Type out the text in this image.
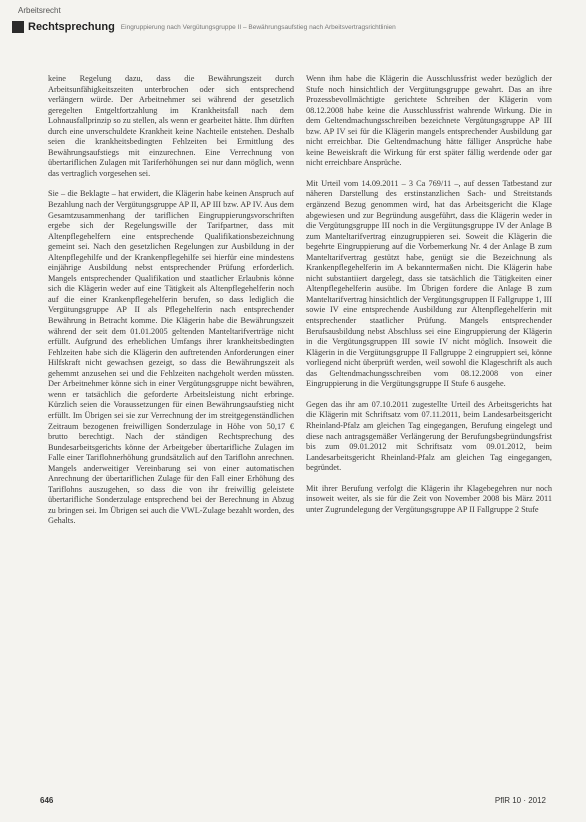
Arbeitsrecht
Rechtsprechung Eingruppierung nach Vergütungsgruppe II – Bewährungsaufstieg nach Arbeitsvertragsrichtlinien

keine Regelung dazu, dass die Bewährungszeit durch Arbeitsunfähigkeitszeiten unterbrochen oder sich entsprechend verlängern würde. Der Arbeitnehmer sei während der gesetzlich geregelten Entgeltfortzahlung im Krankheitsfall nach dem Lohnausfallprinzip so zu stellen, als wenn er gearbeitet hätte. Ihm dürften durch eine unverschuldete Krankheit keine Nachteile entstehen. Deshalb seien die krankheitsbedingten Fehlzeiten bei Ermittlung des Bewährungsaufstiegs mit einzurechnen. Eine Verrechnung von übertariflichen Zulagen mit Tariferhöhungen sei nur dann möglich, wenn das vertraglich vorgesehen sei.

Sie – die Beklagte – hat erwidert, die Klägerin habe keinen Anspruch auf Bezahlung nach der Vergütungsgruppe AP II, AP III bzw. AP IV. Aus dem Gesamtzusammenhang der tariflichen Eingruppierungsvorschriften ergebe sich der Regelungswille der Tarifpartner, dass mit Altenpflegehelfern eine entsprechende Qualifikationsbezeichnung gemeint sei. Nach den gesetzlichen Regelungen zur Ausbildung in der Altenpflegehilfe und der Krankenpflegehilfe sei hierfür eine mindestens einjährige Ausbildung nebst entsprechender Prüfung erforderlich. Mangels entsprechender Qualifikation und staatlicher Erlaubnis könne sich die Klägerin weder auf eine Tätigkeit als Altenpflegehelferin noch auf die einer Krankenpflegehelferin berufen, so dass lediglich die Vergütungsgruppe AP II als Pflegehelferin nach entsprechender Bewährung in Betracht komme. Die Klägerin habe die Bewährungszeit während der seit dem 01.01.2005 geltenden Manteltarifverträge nicht erfüllt. Aufgrund des erheblichen Umfangs ihrer krankheitsbedingten Fehlzeiten habe sich die Klägerin den auftretenden Anforderungen einer Hilfskraft nicht gewachsen gezeigt, so dass die Bewährungszeit als gehemmt anzusehen sei und die Fehlzeiten nachgeholt werden müssten. Der Arbeitnehmer könne sich in einer Vergütungsgruppe nicht bewähren, wenn er tatsächlich die geforderte Arbeitsleistung nicht erbringe. Kürzlich seien die Voraussetzungen für einen Bewährungsaufstieg nicht erfüllt. Im Übrigen sei sie zur Verrechnung der im streitgegenständlichen Zeitraum bezogenen freiwilligen Sonderzulage in Höhe von 50,17 € brutto berechtigt. Nach der ständigen Rechtsprechung des Bundesarbeitsgerichts könne der Arbeitgeber übertarifliche Zulagen im Falle einer Tariflohnerhöhung grundsätzlich auf den Tariflohn anrechnen. Mangels anderweitiger Vereinbarung sei von einer automatischen Anrechnung der übertariflichen Zulage für den Fall einer Erhöhung des Tariflohns auszugehen, so dass die von ihr freiwillig geleistete übertarifliche Sonderzulage entsprechend bei der Berechnung in Abzug zu bringen sei. Im Übrigen sei auch die VWL-Zulage bezahlt worden, des Gehalts.

Wenn ihm habe die Klägerin die Ausschlussfrist weder bezüglich der Stufe noch hinsichtlich der Vergütungsgruppe gewahrt. Das an ihre Prozessbevollmächtigte gerichtete Schreiben der Klägerin vom 08.12.2008 habe keine die Ausschlussfrist wahrende Wirkung. Die in dem Geltendmachungsschreiben bezeichnete Vergütungsgruppe AP III bzw. AP IV sei für die Klägerin mangels entsprechender Ausbildung gar nicht erreichbar. Die Geltendmachung hätte fälliger Ansprüche habe keine Beweiskraft die Wirkung für erst später fällig werdende oder gar nicht erreichbare Ansprüche.

Mit Urteil vom 14.09.2011 – 3 Ca 769/11 –, auf dessen Tatbestand zur näheren Darstellung des erstinstanzlichen Sach- und Streitstands ergänzend Bezug genommen wird, hat das Arbeitsgericht die Klage abgewiesen und zur Begründung ausgeführt, dass die Klägerin weder in die Vergütungsgruppe III noch in die Vergütungsgruppe IV der Anlage B zum Manteltarifvertrag einzugruppieren sei. Soweit die Klägerin die begehrte Eingruppierung auf die Vorbemerkung Nr. 4 der Anlage B zum Manteltarifvertrag gestützt habe, genügt sie die Bezeichnung als Krankenpflegehelferin im A bekanntermaßen nicht. Die Klägerin habe nicht substantiiert dargelegt, dass sie tatsächlich die Tätigkeiten einer Altenpflegehelferin ausübe. Im Übrigen fordere die Anlage B zum Manteltarifvertrag hinsichtlich der Vergütungsgruppen II Fallgruppe 1, III sowie IV eine entsprechende Ausbildung zur Altenpflegehelferin mit entsprechender staatlicher Prüfung. Mangels entsprechender Berufsausbildung nebst Abschluss sei eine Eingruppierung der Klägerin in die Vergütungsgruppen III sowie IV nicht möglich. Insoweit die Klägerin in die Vergütungsgruppe II Fallgruppe 2 eingruppiert sei, könne vorliegend nicht überprüft werden, weil sowohl die Klageschrift als auch das Geltendmachungsschreiben vom 08.12.2008 von einer Eingruppierung in die Vergütungsgruppe II Stufe 6 ausgehe.

Gegen das ihr am 07.10.2011 zugestellte Urteil des Arbeitsgerichts hat die Klägerin mit Schriftsatz vom 07.11.2011, beim Landesarbeitsgericht Rheinland-Pfalz am gleichen Tag eingegangen, Berufung eingelegt und diese nach antragsgemäßer Verlängerung der Berufungsbegründungsfrist bis zum 09.01.2012 mit Schriftsatz vom 09.01.2012, beim Landesarbeitsgericht Rheinland-Pfalz am gleichen Tag eingegangen, begründet.

Mit ihrer Berufung verfolgt die Klägerin ihr Klagebegehren nur noch insoweit weiter, als sie für die Zeit von November 2008 bis März 2011 unter Zugrundelegung der Vergütungsgruppe AP II Fallgruppe 2 Stufe

646	PflR 10 · 2012
